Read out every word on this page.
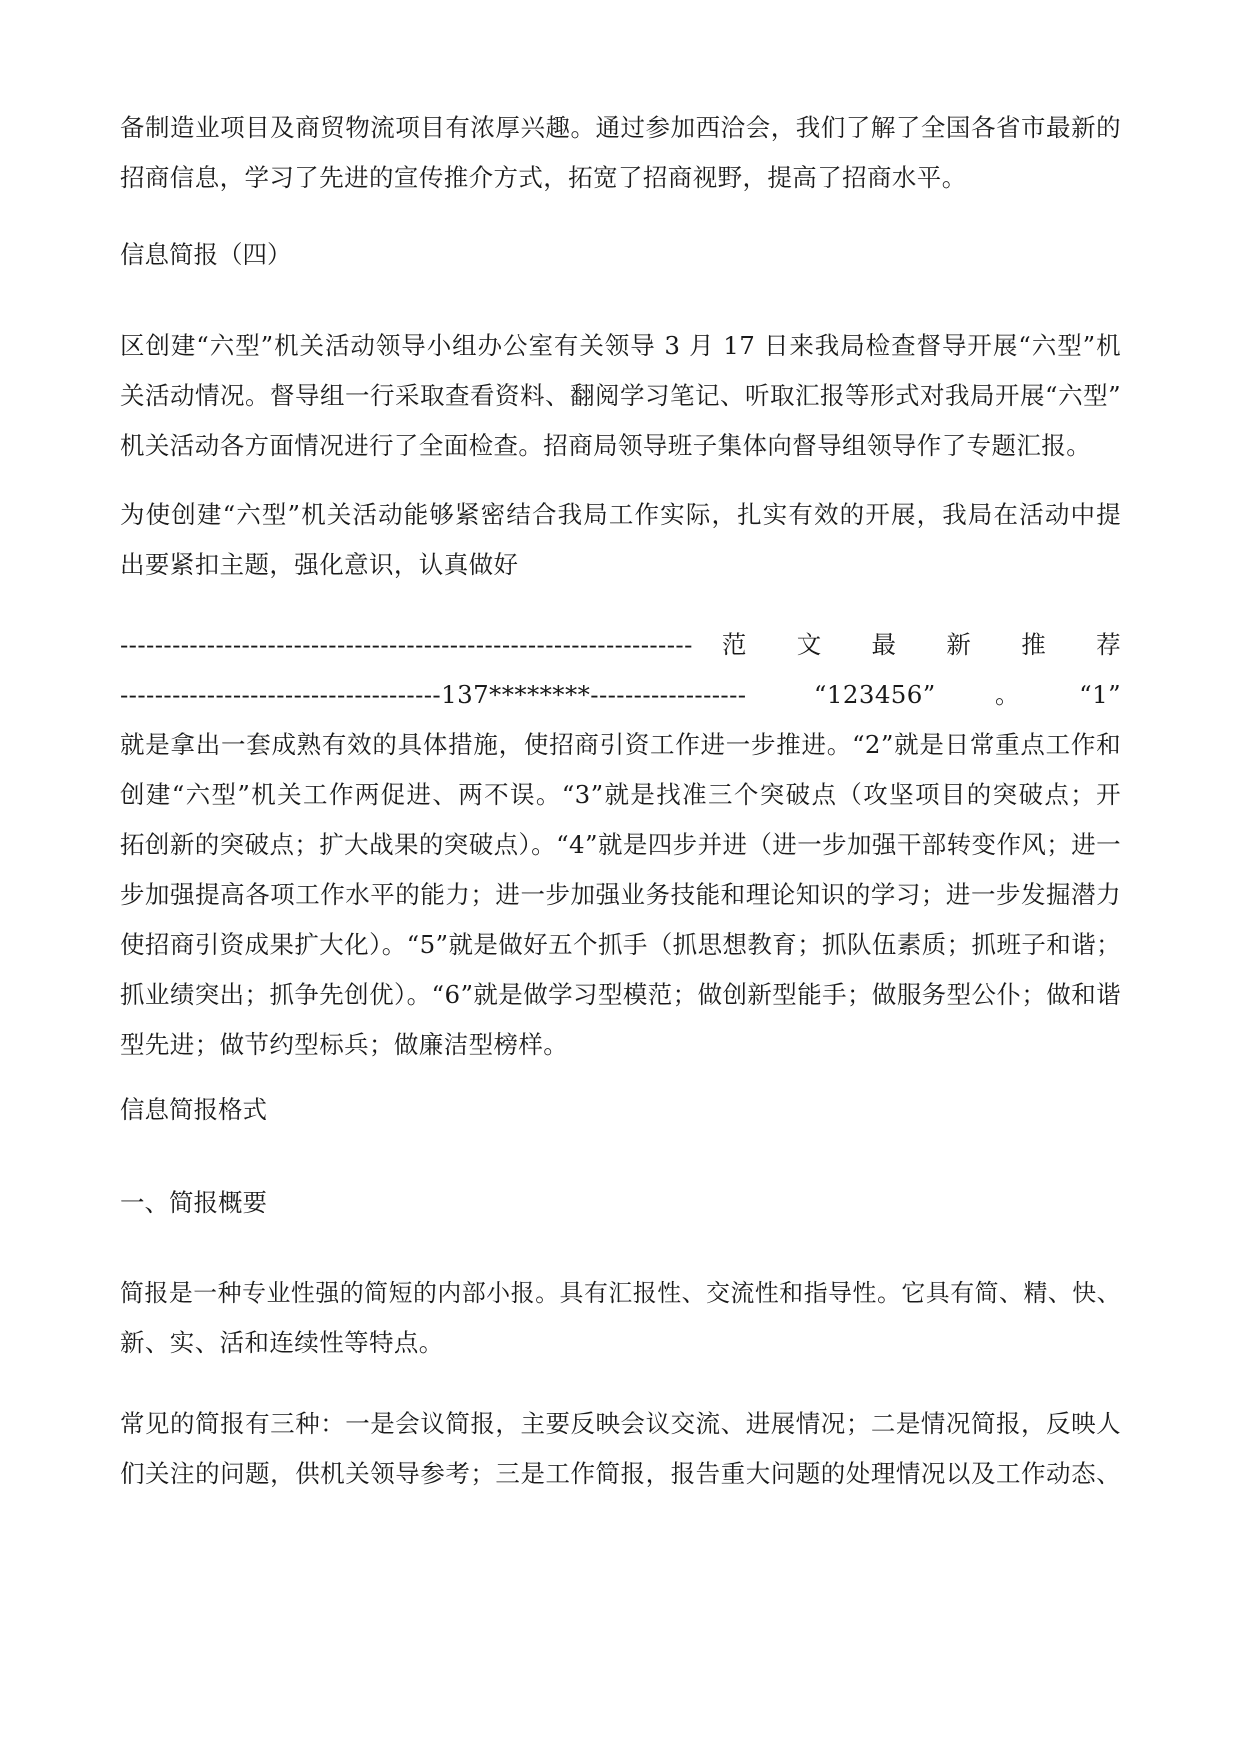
备制造业项目及商贸物流项目有浓厚兴趣。通过参加西洽会，我们了解了全国各省市最新的
招商信息，学习了先进的宣传推介方式，拓宽了招商视野，提高了招商水平。

信息简报（四）

区创建“六型”机关活动领导小组办公室有关领导 3 月 17 日来我局检查督导开展“六型”机
关活动情况。督导组一行采取查看资料、翻阅学习笔记、听取汇报等形式对我局开展“六型”
机关活动各方面情况进行了全面检查。招商局领导班子集体向督导组领导作了专题汇报。

为使创建“六型”机关活动能够紧密结合我局工作实际，扎实有效的开展，我局在活动中提
出要紧扣主题，强化意识，认真做好

------------------------------------------------------------------ 范 文 最 新 推 荐
-------------------------------------137********------------------ “123456”。“1”
就是拿出一套成熟有效的具体措施，使招商引资工作进一步推进。“2”就是日常重点工作和
创建“六型”机关工作两促进、两不误。“3”就是找准三个突破点（攻坚项目的突破点；开
拓创新的突破点；扩大战果的突破点）。“4”就是四步并进（进一步加强干部转变作风；进一
步加强提高各项工作水平的能力；进一步加强业务技能和理论知识的学习；进一步发掘潜力
使招商引资成果扩大化）。“5”就是做好五个抓手（抓思想教育；抓队伍素质；抓班子和谐；
抓业绩突出；抓争先创优）。“6”就是做学习型模范；做创新型能手；做服务型公仆；做和谐
型先进；做节约型标兵；做廉洁型榜样。

信息简报格式

一、简报概要

简报是一种专业性强的简短的内部小报。具有汇报性、交流性和指导性。它具有简、精、快、
新、实、活和连续性等特点。

常见的简报有三种：一是会议简报，主要反映会议交流、进展情况；二是情况简报，反映人
们关注的问题，供机关领导参考；三是工作简报，报告重大问题的处理情况以及工作动态、
